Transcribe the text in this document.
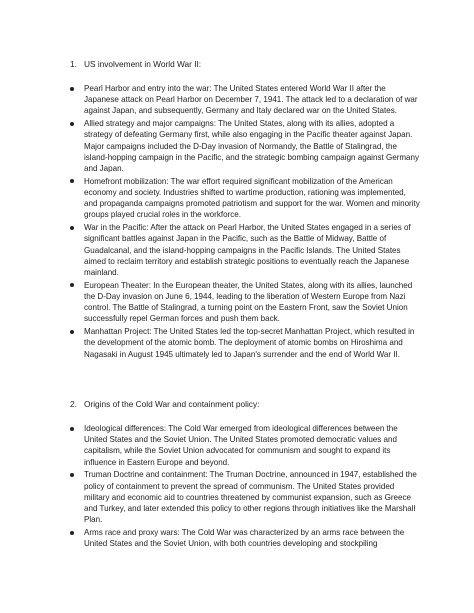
1. US involvement in World War II:
Pearl Harbor and entry into the war: The United States entered World War II after the Japanese attack on Pearl Harbor on December 7, 1941. The attack led to a declaration of war against Japan, and subsequently, Germany and Italy declared war on the United States.
Allied strategy and major campaigns: The United States, along with its allies, adopted a strategy of defeating Germany first, while also engaging in the Pacific theater against Japan. Major campaigns included the D-Day invasion of Normandy, the Battle of Stalingrad, the island-hopping campaign in the Pacific, and the strategic bombing campaign against Germany and Japan.
Homefront mobilization: The war effort required significant mobilization of the American economy and society. Industries shifted to wartime production, rationing was implemented, and propaganda campaigns promoted patriotism and support for the war. Women and minority groups played crucial roles in the workforce.
War in the Pacific: After the attack on Pearl Harbor, the United States engaged in a series of significant battles against Japan in the Pacific, such as the Battle of Midway, Battle of Guadalcanal, and the island-hopping campaigns in the Pacific Islands. The United States aimed to reclaim territory and establish strategic positions to eventually reach the Japanese mainland.
European Theater: In the European theater, the United States, along with its allies, launched the D-Day invasion on June 6, 1944, leading to the liberation of Western Europe from Nazi control. The Battle of Stalingrad, a turning point on the Eastern Front, saw the Soviet Union successfully repel German forces and push them back.
Manhattan Project: The United States led the top-secret Manhattan Project, which resulted in the development of the atomic bomb. The deployment of atomic bombs on Hiroshima and Nagasaki in August 1945 ultimately led to Japan's surrender and the end of World War II.
2. Origins of the Cold War and containment policy:
Ideological differences: The Cold War emerged from ideological differences between the United States and the Soviet Union. The United States promoted democratic values and capitalism, while the Soviet Union advocated for communism and sought to expand its influence in Eastern Europe and beyond.
Truman Doctrine and containment: The Truman Doctrine, announced in 1947, established the policy of containment to prevent the spread of communism. The United States provided military and economic aid to countries threatened by communist expansion, such as Greece and Turkey, and later extended this policy to other regions through initiatives like the Marshall Plan.
Arms race and proxy wars: The Cold War was characterized by an arms race between the United States and the Soviet Union, with both countries developing and stockpiling
